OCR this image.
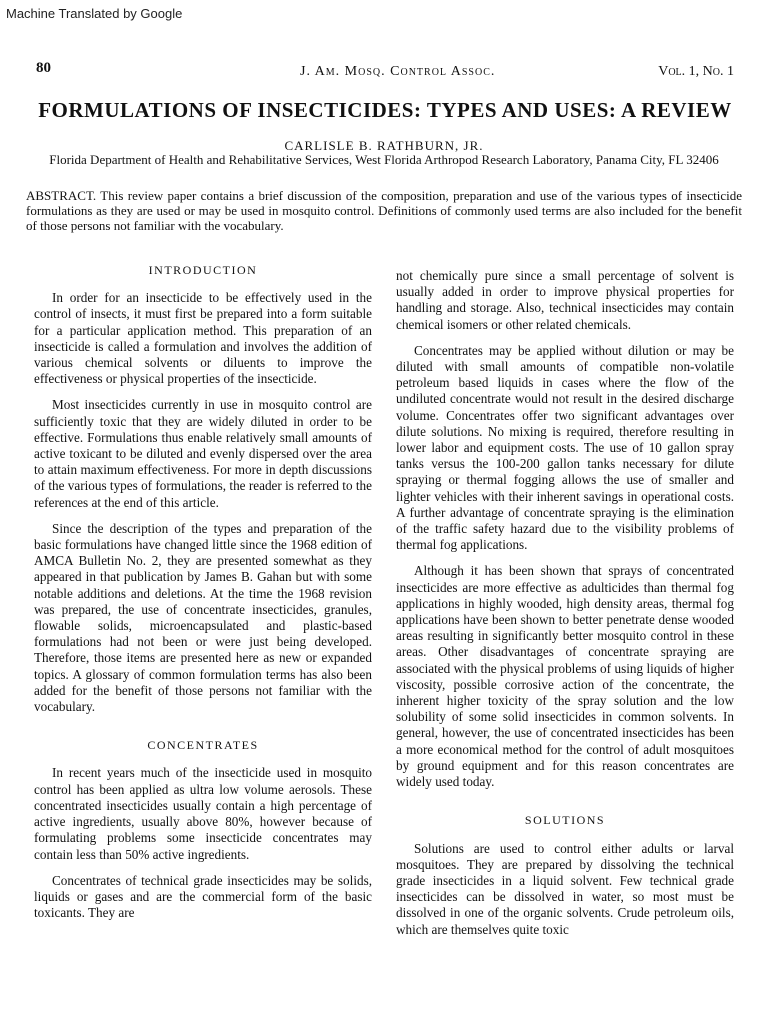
Machine Translated by Google
80	J. Am. Mosq. Control Assoc.	Vol. 1, No. 1
FORMULATIONS OF INSECTICIDES: TYPES AND USES: A REVIEW
CARLISLE B. RATHBURN, JR.
Florida Department of Health and Rehabilitative Services, West Florida Arthropod Research Laboratory, Panama City, FL 32406
ABSTRACT. This review paper contains a brief discussion of the composition, preparation and use of the various types of insecticide formulations as they are used or may be used in mosquito control. Definitions of commonly used terms are also included for the benefit of those persons not familiar with the vocabulary.
INTRODUCTION

In order for an insecticide to be effectively used in the control of insects, it must first be prepared into a form suitable for a particular application method. This preparation of an insecticide is called a formulation and involves the addition of various chemical solvents or diluents to improve the effectiveness or physical properties of the insecticide.

Most insecticides currently in use in mosquito control are sufficiently toxic that they are widely diluted in order to be effective. Formulations thus enable relatively small amounts of active toxicant to be diluted and evenly dispersed over the area to attain maximum effectiveness. For more in depth discussions of the various types of formulations, the reader is referred to the references at the end of this article.

Since the description of the types and preparation of the basic formulations have changed little since the 1968 edition of AMCA Bulletin No. 2, they are presented somewhat as they appeared in that publication by James B. Gahan but with some notable additions and deletions. At the time the 1968 revision was prepared, the use of concentrate insecticides, granules, flowable solids, microencapsulated and plastic-based formulations had not been or were just being developed. Therefore, those items are presented here as new or expanded topics. A glossary of common formulation terms has also been added for the benefit of those persons not familiar with the vocabulary.

CONCENTRATES

In recent years much of the insecticide used in mosquito control has been applied as ultra low volume aerosols. These concentrated insecticides usually contain a high percentage of active ingredients, usually above 80%, however because of formulating problems some insecticide concentrates may contain less than 50% active ingredients.

Concentrates of technical grade insecticides may be solids, liquids or gases and are the commercial form of the basic toxicants. They are

not chemically pure since a small percentage of solvent is usually added in order to improve physical properties for handling and storage. Also, technical insecticides may contain chemical isomers or other related chemicals.

Concentrates may be applied without dilution or may be diluted with small amounts of compatible non-volatile petroleum based liquids in cases where the flow of the undiluted concentrate would not result in the desired discharge volume. Concentrates offer two significant advantages over dilute solutions. No mixing is required, therefore resulting in lower labor and equipment costs. The use of 10 gallon spray tanks versus the 100-200 gallon tanks necessary for dilute spraying or thermal fogging allows the use of smaller and lighter vehicles with their inherent savings in operational costs. A further advantage of concentrate spraying is the elimination of the traffic safety hazard due to the visibility problems of thermal fog applications.

Although it has been shown that sprays of concentrated insecticides are more effective as adulticides than thermal fog applications in highly wooded, high density areas, thermal fog applications have been shown to better penetrate dense wooded areas resulting in significantly better mosquito control in these areas. Other disadvantages of concentrate spraying are associated with the physical problems of using liquids of higher viscosity, possible corrosive action of the concentrate, the inherent higher toxicity of the spray solution and the low solubility of some solid insecticides in common solvents. In general, however, the use of concentrated insecticides has been a more economical method for the control of adult mosquitoes by ground equipment and for this reason concentrates are widely used today.

SOLUTIONS

Solutions are used to control either adults or larval mosquitoes. They are prepared by dissolving the technical grade insecticides in a liquid solvent. Few technical grade insecticides can be dissolved in water, so most must be dissolved in one of the organic solvents. Crude petroleum oils, which are themselves quite toxic
